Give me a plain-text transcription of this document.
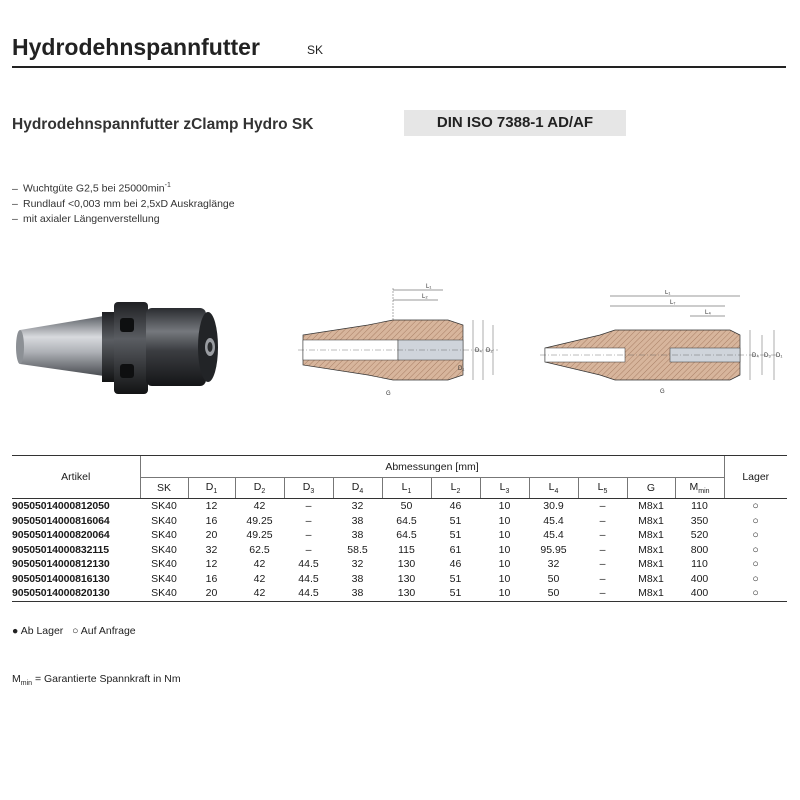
Hydrodehnspannfutter	SK
Hydrodehnspannfutter zClamp Hydro SK	DIN ISO 7388-1 AD/AF
– Wuchtgüte G2,5 bei $25000\min^{-1}$
– Rundlauf <0,003 mm bei 2,5xD Auskraglänge
– mit axialer Längenverstellung
L₁
L₂
D₄ D₂
D₁
G
L₁
L₇
L₄
D₄ D₃ D₁
G
Artikel	Abmessungen [mm]												Lager
	SK	$D_1$	$D_2$	$D_3$	$D_4$	$L_1$	$L_2$	$L_3$	$L_4$	$L_5$	G	$M_{min}$
90505014000812050	SK40	12	42	–	32	50	46	10	30.9	–	M8x1	110	○
90505014000816064	SK40	16	49.25	–	38	64.5	51	10	45.4	–	M8x1	350	○
90505014000820064	SK40	20	49.25	–	38	64.5	51	10	45.4	–	M8x1	520	○
90505014000832115	SK40	32	62.5	–	58.5	115	61	10	95.95	–	M8x1	800	○
90505014000812130	SK40	12	42	44.5	32	130	46	10	32	–	M8x1	110	○
90505014000816130	SK40	16	42	44.5	38	130	51	10	50	–	M8x1	400	○
90505014000820130	SK40	20	42	44.5	38	130	51	10	50	–	M8x1	400	○
● Ab Lager ○ Auf Anfrage
$M_{min}$ = Garantierte Spannkraft in Nm
